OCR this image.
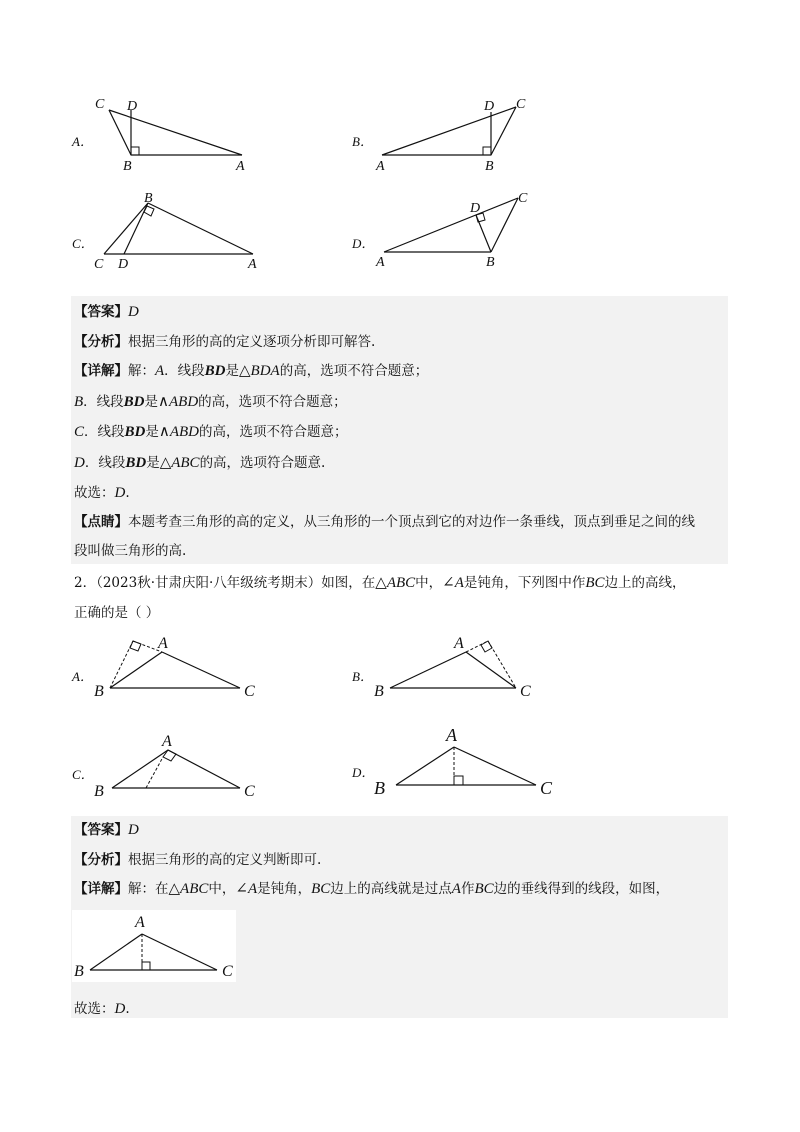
A．
C D
B	A
B．
D C
A	B
C．
B
C D	A
D．
D
C
A	B
【答案】D
【分析】根据三角形的高的定义逐项分析即可解答.
【详解】解：A．线段BD是△BDA的高，选项不符合题意；
B．线段BD是∧ABD的高，选项不符合题意；
C．线段BD是∧ABD的高，选项不符合题意；
D．线段BD是△ABC的高，选项符合题意.
故选：D.
【点睛】本题考查三角形的高的定义，从三角形的一个顶点到它的对边作一条垂线，顶点到垂足之间的线
段叫做三角形的高.
2．（2023秋·甘肃庆阳·八年级统考期末）如图，在△ABC中，∠A是钝角，下列图中作BC边上的高线，
正确的是（ ）
A．
A
B	C
B．
A
B	C
C．
A
B	C
D．
A
B	C
【答案】D
【分析】根据三角形的高的定义判断即可.
【详解】解：在△ABC中，∠A是钝角，BC边上的高线就是过点A作BC边的垂线得到的线段，如图，
A
B	C
故选：D.
